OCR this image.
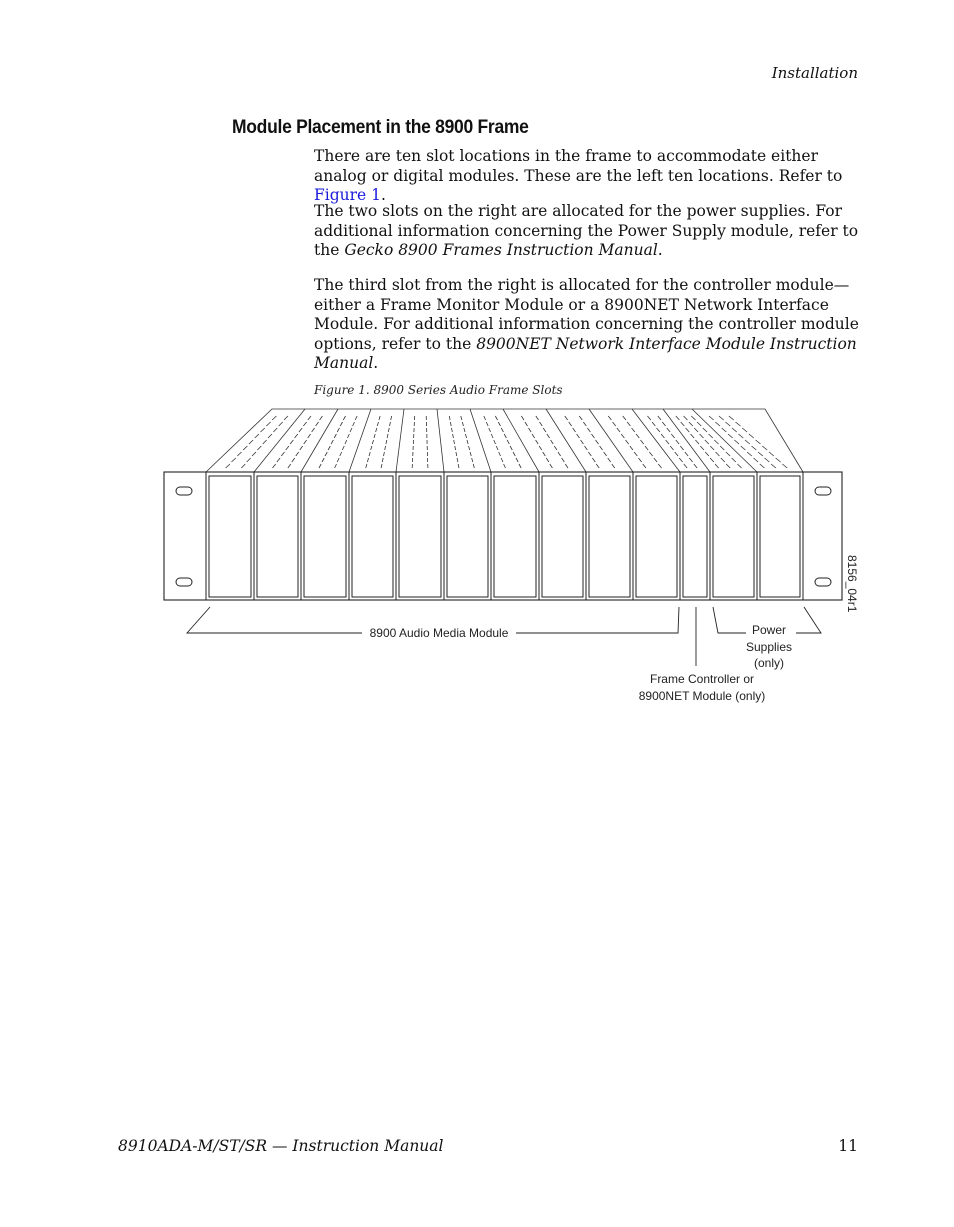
Installation
Module Placement in the 8900 Frame

There are ten slot locations in the frame to accommodate either analog or digital modules. These are the left ten locations. Refer to Figure 1.

The two slots on the right are allocated for the power supplies. For additional information concerning the Power Supply module, refer to the Gecko 8900 Frames Instruction Manual.

The third slot from the right is allocated for the controller module—either a Frame Monitor Module or a 8900NET Network Interface Module. For additional information concerning the controller module options, refer to the 8900NET Network Interface Module Instruction Manual.

Figure 1. 8900 Series Audio Frame Slots
8900 Audio Media Module	Power
Supplies
(only)
Frame Controller or
8900NET Module (only)
8156_04r1
8910ADA-M/ST/SR — Instruction Manual	11
